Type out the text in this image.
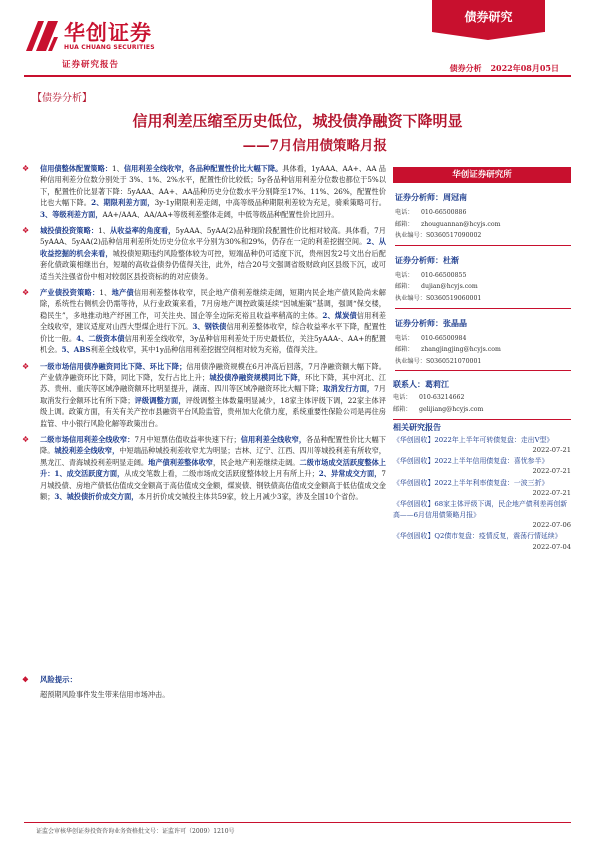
华创证券
HUA CHUANG SECURITIES
债券研究
证券研究报告	债券分析 2022年08月05日
【债券分析】
信用利差压缩至历史低位，城投债净融资下降明显
——7月信用债策略月报
❖ 信用债整体配置策略：1、信用利差全线收窄，各品种配置性价比大幅下降。具体看，1yAAA、AA+、AA 品种信用利差分位数分别处于 3%、1%、2%水平，配置性价比较低；5y各品种信用利差分位数也都位于5%以下，配置性价比显著下降：5yAAA、AA+、AA品种历史分位数水平分别降至17%、11%、26%，配置性价比也大幅下降。2、期限利差方面，3y-1y期限利差走阔，中高等级品种期限利差较为充足，骑乘策略可行。3、等级利差方面，AA+/AAA、AA/AA+等级利差整体走阔，中低等级品种配置性价比回升。
❖ 城投债投资策略：1、从收益率的角度看，5yAAA、5yAA(2)品种现阶段配置性价比相对较高。具体看，7月5yAAA、5yAA(2)品种信用利差所处历史分位水平分别为30%和29%，仍存在一定的利差挖掘空间。2、从收益挖掘的机会来看，城投债短期违约风险整体较为可控，短端品种仍可适度下沉，贵州因发2号文出台后配套化债政策相继出台，短端的高收益债券仍值得关注，此外，结合20号文强调省级财政向区县级下沉，或可适当关注强省份中相对较弱区县投资标的的对应债务。
❖ 产业债投资策略：1、地产债信用利差整体收窄，民企地产债利差继续走阔，短期内民企地产债风险尚未解除，系统性右侧机会仍需等待，从行业政策来看，7月房地产调控政策延续“因城施策”基调，强调“保交楼，稳民生”，多地推动地产纾困工作，可关注央、国企等全边际充裕且收益率稍高的主体。2、煤炭债信用利差全线收窄，建议适度对山西大型煤企进行下沉。3、钢铁债信用利差整体收窄，综合收益率水平下降，配置性价比一般。4、二级资本债信用利差全线收窄，3y品种信用利差处于历史最低位，关注5yAAA-、AA+的配置机会。5、ABS利差全线收窄，其中1y品种信用利差挖掘空间相对较为充裕，值得关注。
❖ 一级市场信用债净融资同比下降、环比下降；信用债净融资规模在6月冲高后回落，7月净融资额大幅下降。产业债净融资环比下降，同比下降，发行占比上升；城投债净融资规模同比下降，环比下降，其中河北、江苏、贵州、重庆等区域净融资额环比明显提升，湖南、四川等区域净融资环比大幅下降；取消发行方面，7月取消发行金额环比有所下降；评级调整方面，评级调整主体数量明显减少，18家主体评级下调，22家主体评级上调。政策方面，有关有关产控市县融资平台风险监管，贵州加大化债力度，系统重要性保险公司是再住房监管、中小银行风险化解等政策出台。
❖ 二级市场信用利差全线收窄：7月中短票估值收益率快速下行；信用利差全线收窄，各品种配置性价比大幅下降。城投利差全线收窄，中短端品种城投利差收窄尤为明显；吉林、辽宁、江西、四川等城投利差有所收窄，黑龙江、青海城投利差明显走阔。地产债利差整体收窄，民企地产利差继续走阔。二级市场成交活跃度整体上升：1、成交活跃度方面，从成交笔数上看，二级市场成交活跃度整体较上月有所上升；2、异常成交方面，7月城投债、房地产债低估值成交金额高于高估值成交金额，煤炭债、钢铁债高估值成交金额高于低估值成交金额；3、城投债折价成交方面，本月折价成交城投主体共59家，较上月减少3家，涉及全国10个省份。
❖ 风险提示：
超预期风险事件发生带来信用市场冲击。
华创证券研究所
证券分析师：周冠南
电话： 010-66500886
邮箱： zhouguannan@hcyjs.com
执业编号：S0360517090002
证券分析师：杜渐
电话： 010-66500855
邮箱： dujian@hcyjs.com
执业编号：S0360519060001
证券分析师：张晶晶
电话： 010-66500984
邮箱： zhangjingjing@hcyjs.com
执业编号：S0360521070001
联系人：葛莉江
电话： 010-63214662
邮箱： gelijiang@hcyjs.com
相关研究报告
《华创固收】2022年上半年可转债复盘：走出V型》
2022-07-21
《华创固收】2022上半年信用债复盘：喜忧参半》
2022-07-21
《华创固收】2022上半年利率债复盘：一波三折》
2022-07-21
《华创固收】68家主体评级下调，民企地产债利差再创新高——6月信用债策略月报》
2022-07-06
《华创固收】Q2债市复盘：疫情反复，震荡行情延续》
2022-07-04
证监会审核华创证券投资咨询业务资格批文号：证监许可（2009）1210号
